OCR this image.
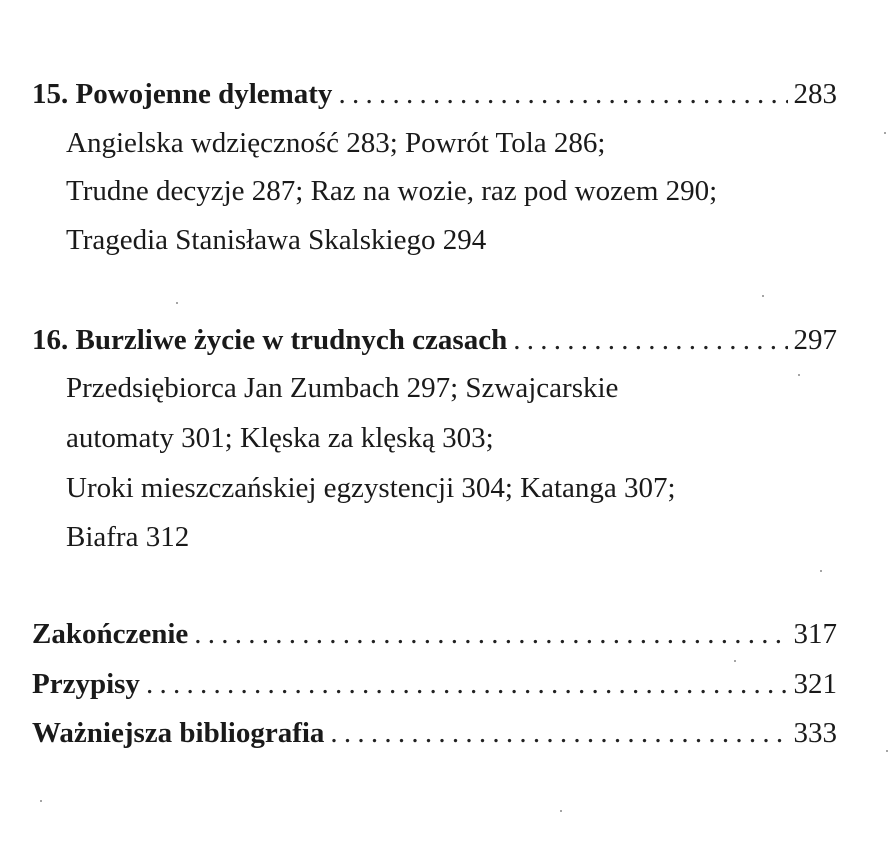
15. Powojenne dylematy . . .	283
Angielska wdzięczność 283; Powrót Tola 286;
Trudne decyzje 287; Raz na wozie, raz pod wozem 290;
Tragedia Stanisława Skalskiego 294
16. Burzliwe życie w trudnych czasach . . .	297
Przedsiębiorca Jan Zumbach 297; Szwajcarskie
automaty 301; Klęska za klęską 303;
Uroki mieszczańskiej egzystencji 304; Katanga 307;
Biafra 312
Zakończenie . . .	317
Przypisy . . .	321
Ważniejsza bibliografia . . .	333
